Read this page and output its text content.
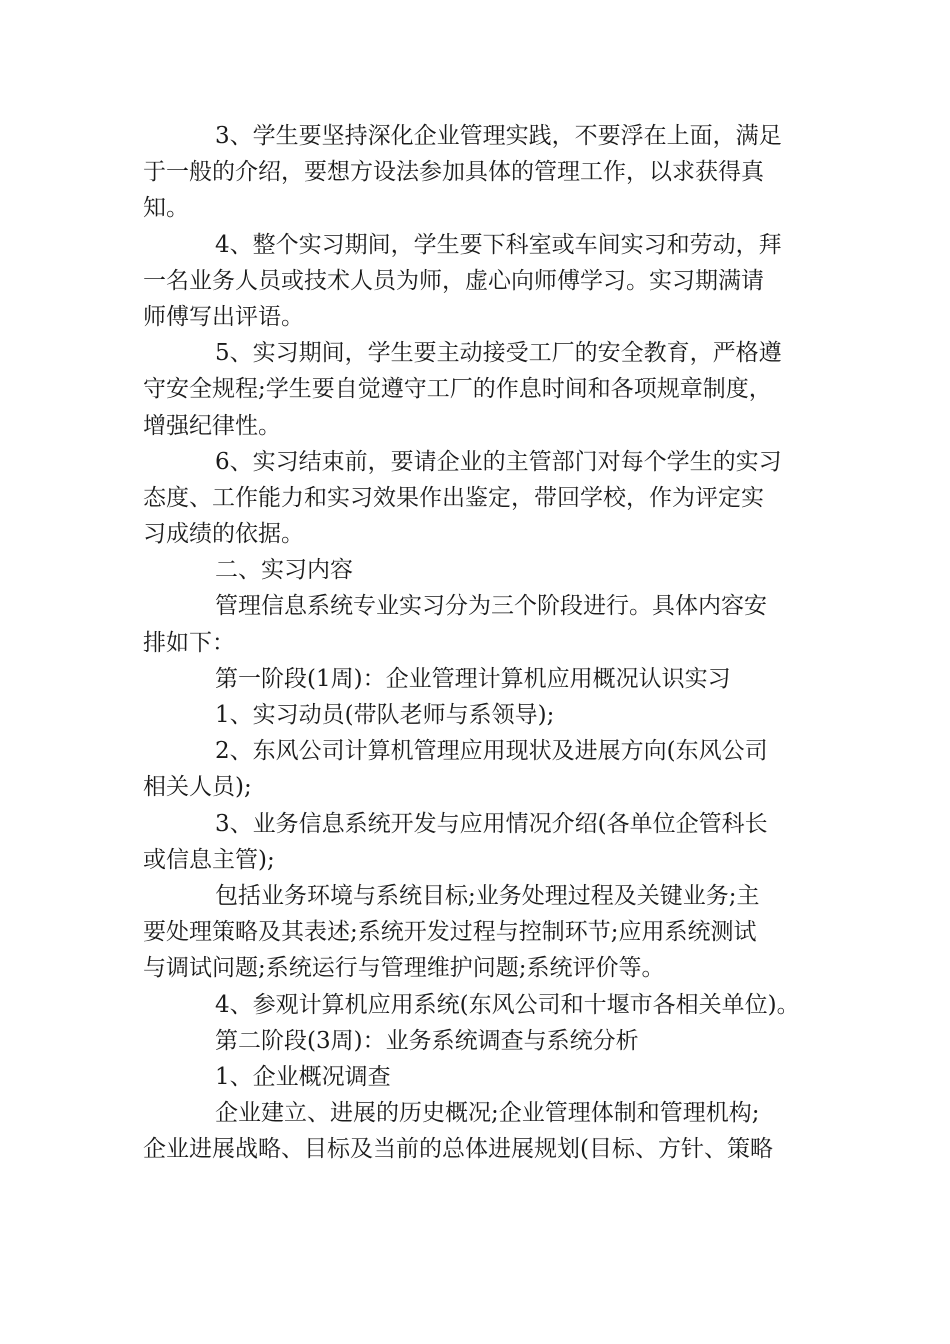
3、学生要坚持深化企业管理实践，不要浮在上面，满足
于一般的介绍，要想方设法参加具体的管理工作，以求获得真
知。
4、整个实习期间，学生要下科室或车间实习和劳动，拜
一名业务人员或技术人员为师，虚心向师傅学习。实习期满请
师傅写出评语。
5、实习期间，学生要主动接受工厂的安全教育，严格遵
守安全规程;学生要自觉遵守工厂的作息时间和各项规章制度，
增强纪律性。
6、实习结束前，要请企业的主管部门对每个学生的实习
态度、工作能力和实习效果作出鉴定，带回学校，作为评定实
习成绩的依据。
二、实习内容
管理信息系统专业实习分为三个阶段进行。具体内容安
排如下：
第一阶段(1周)：企业管理计算机应用概况认识实习
1、实习动员(带队老师与系领导);
2、东风公司计算机管理应用现状及进展方向(东风公司
相关人员);
3、业务信息系统开发与应用情况介绍(各单位企管科长
或信息主管);
包括业务环境与系统目标;业务处理过程及关键业务;主
要处理策略及其表述;系统开发过程与控制环节;应用系统测试
与调试问题;系统运行与管理维护问题;系统评价等。
4、参观计算机应用系统(东风公司和十堰市各相关单位)。
第二阶段(3周)：业务系统调查与系统分析
1、企业概况调查
企业建立、进展的历史概况;企业管理体制和管理机构;
企业进展战略、目标及当前的总体进展规划(目标、方针、策略
